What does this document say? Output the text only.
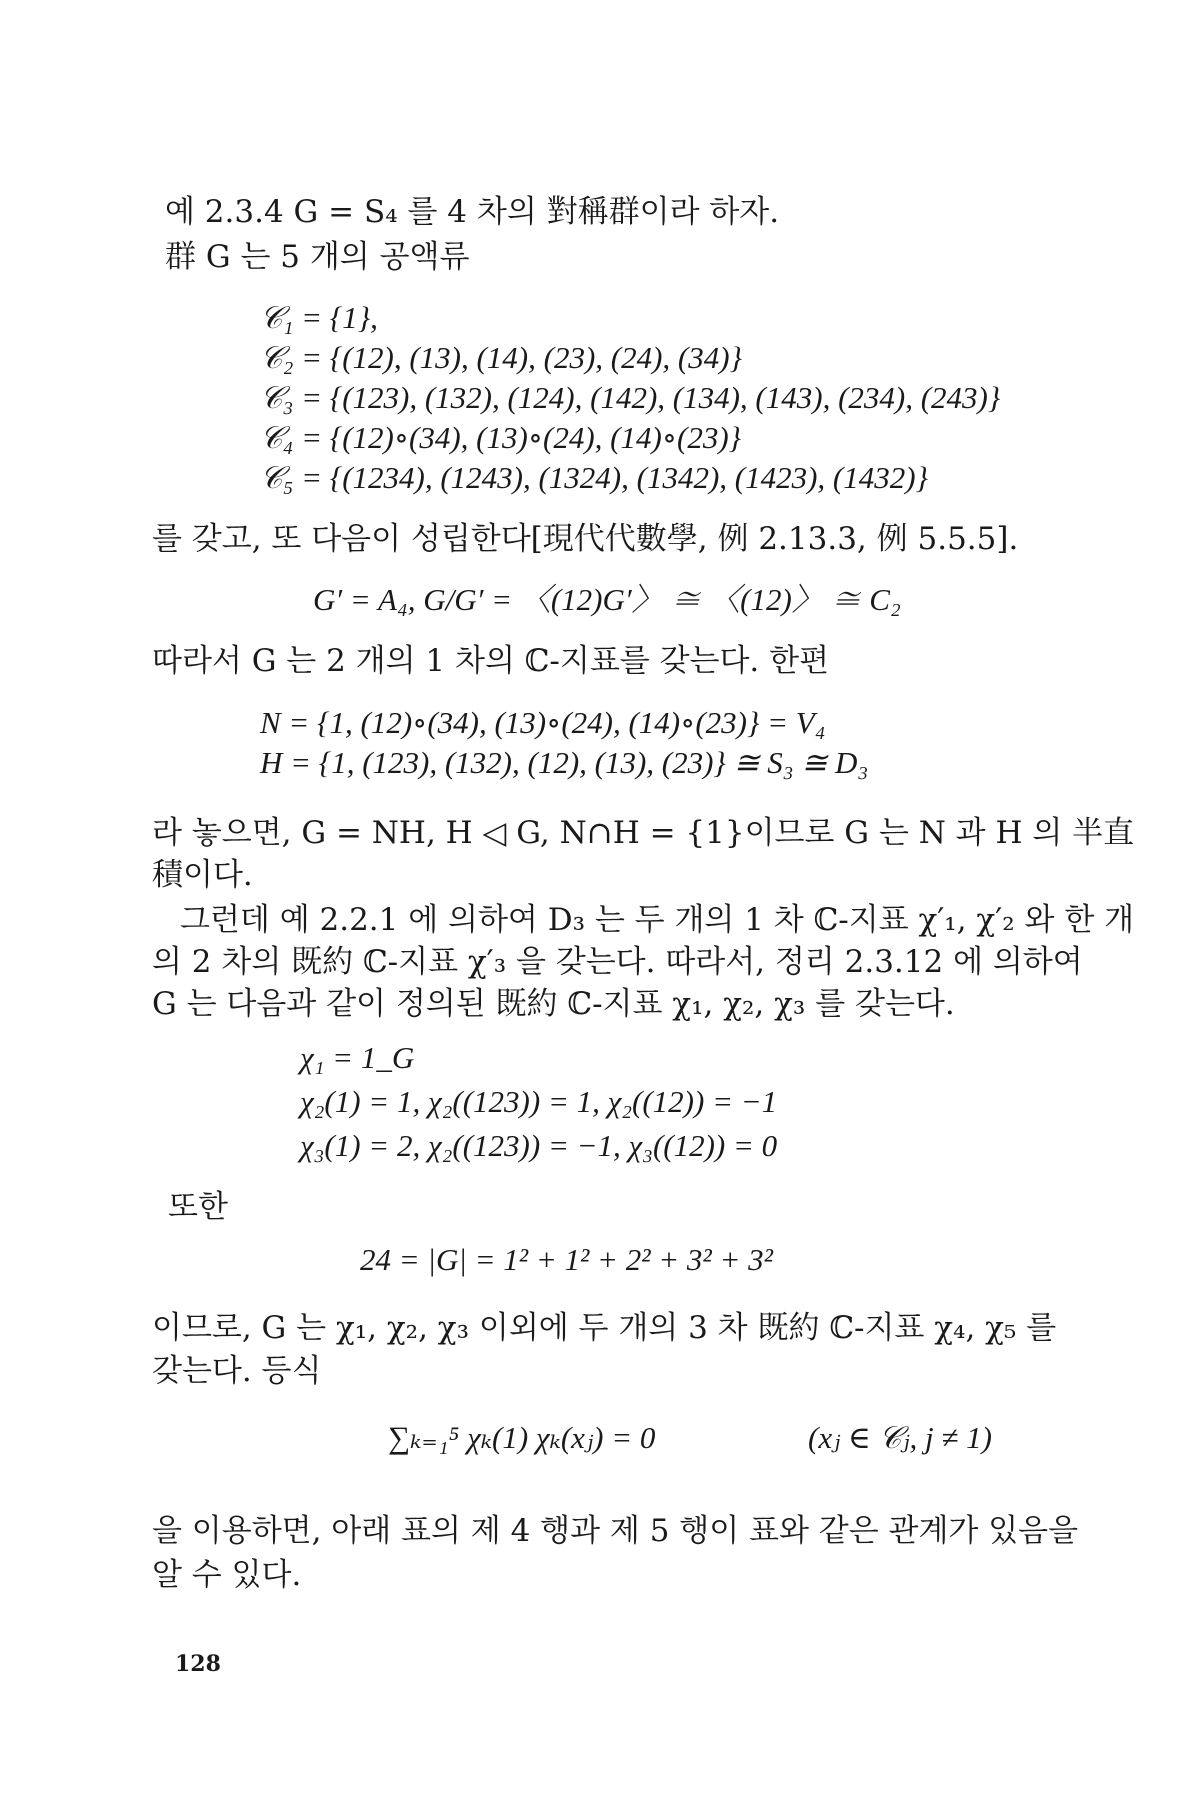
예 2.3.4 G = S₄ 를 4 차의 對稱群이라 하자.
群 G 는 5 개의 공액류
𝒞₁ = {1},
𝒞₂ = {(12), (13), (14), (23), (24), (34)}
𝒞₃ = {(123), (132), (124), (142), (134), (143), (234), (243)}
𝒞₄ = {(12)∘(34), (13)∘(24), (14)∘(23)}
𝒞₅ = {(1234), (1243), (1324), (1342), (1423), (1432)}
를 갖고, 또 다음이 성립한다[現代代數學, 例 2.13.3, 例 5.5.5].
G′ = A₄, G/G′ = 〈(12)G′〉 ≅ 〈(12)〉 ≅ C₂
따라서 G 는 2 개의 1 차의 ℂ-지표를 갖는다. 한편
N = {1, (12)∘(34), (13)∘(24), (14)∘(23)} = V₄
H = {1, (123), (132), (12), (13), (23)} ≅ S₃ ≅ D₃
라 놓으면, G = NH, H ◁ G, N∩H = {1}이므로 G 는 N 과 H 의 半直
積이다.
그런데 예 2.2.1 에 의하여 D₃ 는 두 개의 1 차 ℂ-지표 χ′₁, χ′₂ 와 한 개
의 2 차의 既約 ℂ-지표 χ′₃ 을 갖는다. 따라서, 정리 2.3.12 에 의하여
G 는 다음과 같이 정의된 既約 ℂ-지표 χ₁, χ₂, χ₃ 를 갖는다.
χ₁ = 1_G
χ₂(1) = 1, χ₂((123)) = 1, χ₂((12)) = −1
χ₃(1) = 2, χ₂((123)) = −1, χ₃((12)) = 0
또한
24 = |G| = 1² + 1² + 2² + 3² + 3²
이므로, G 는 χ₁, χ₂, χ₃ 이외에 두 개의 3 차 既約 ℂ-지표 χ₄, χ₅ 를
갖는다. 등식
∑ₖ₌₁⁵ χₖ(1) χₖ(xⱼ) = 0	(xⱼ ∈ 𝒞ⱼ, j ≠ 1)
을 이용하면, 아래 표의 제 4 행과 제 5 행이 표와 같은 관계가 있음을
알 수 있다.
128
